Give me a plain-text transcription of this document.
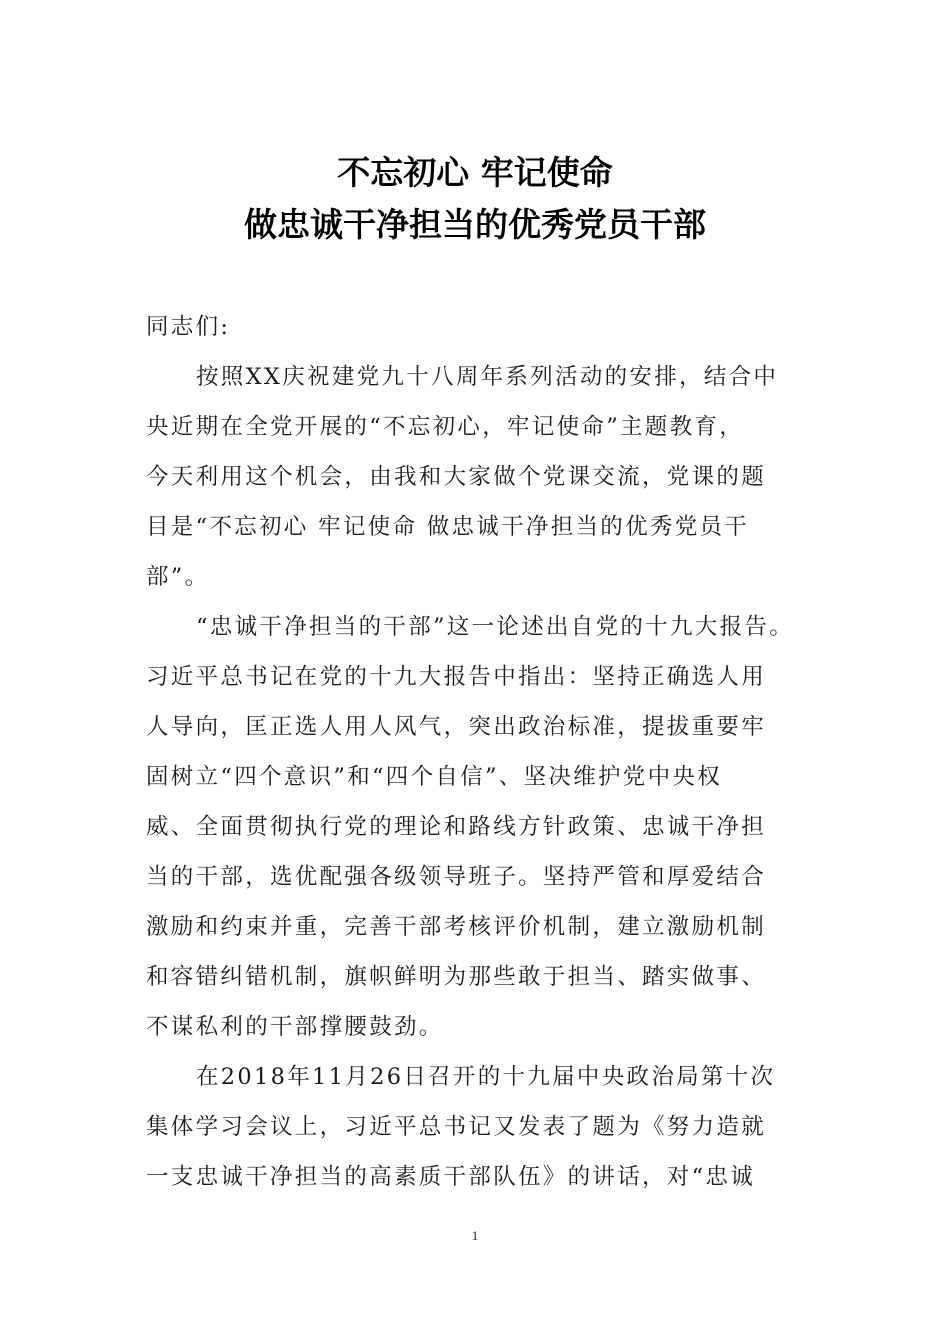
不忘初心 牢记使命
做忠诚干净担当的优秀党员干部
同志们:
按照XX庆祝建党九十八周年系列活动的安排，结合中
央近期在全党开展的“不忘初心，牢记使命”主题教育，
今天利用这个机会，由我和大家做个党课交流，党课的题
目是“不忘初心 牢记使命 做忠诚干净担当的优秀党员干
部”。
“忠诚干净担当的干部”这一论述出自党的十九大报告。
习近平总书记在党的十九大报告中指出：坚持正确选人用
人导向，匡正选人用人风气，突出政治标准，提拔重要牢
固树立“四个意识”和“四个自信”、坚决维护党中央权
威、全面贯彻执行党的理论和路线方针政策、忠诚干净担
当的干部，选优配强各级领导班子。坚持严管和厚爱结合
激励和约束并重，完善干部考核评价机制，建立激励机制
和容错纠错机制，旗帜鲜明为那些敢于担当、踏实做事、
不谋私利的干部撑腰鼓劲。
在2018年11月26日召开的十九届中央政治局第十次
集体学习会议上，习近平总书记又发表了题为《努力造就
一支忠诚干净担当的高素质干部队伍》的讲话，对“忠诚
1
